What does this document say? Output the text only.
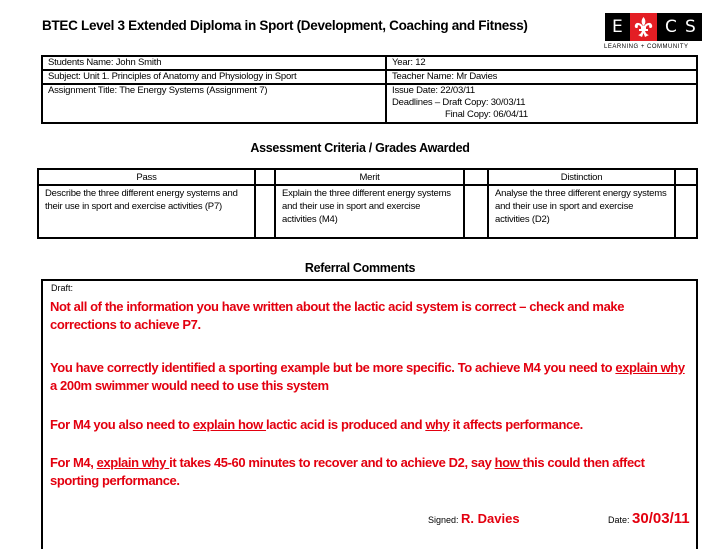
BTEC Level 3 Extended Diploma in Sport (Development, Coaching and Fitness)	E C S
LEARNING + COMMUNITY
Students Name: John Smith	Year: 12
Subject: Unit 1. Principles of Anatomy and Physiology in Sport	Teacher Name: Mr Davies
Assignment Title: The Energy Systems (Assignment 7)	Issue Date: 22/03/11
Deadlines – Draft Copy: 30/03/11
Final Copy: 06/04/11
Assessment Criteria / Grades Awarded
Pass		Merit		Distinction	
Describe the three different energy systems and their use in sport and exercise activities (P7)		Explain the three different energy systems and their use in sport and exercise activities (M4)		Analyse the three different energy systems and their use in sport and exercise activities (D2)	
Referral Comments
Draft:
Not all of the information you have written about the lactic acid system is correct – check and make corrections to achieve P7.
You have correctly identified a sporting example but be more specific. To achieve M4 you need to explain why a 200m swimmer would need to use this system
For M4 you also need to explain how lactic acid is produced and why it affects performance.
For M4, explain why it takes 45-60 minutes to recover and to achieve D2, say how this could then affect sporting performance.
Signed: R. Davies	Date: 30/03/11
